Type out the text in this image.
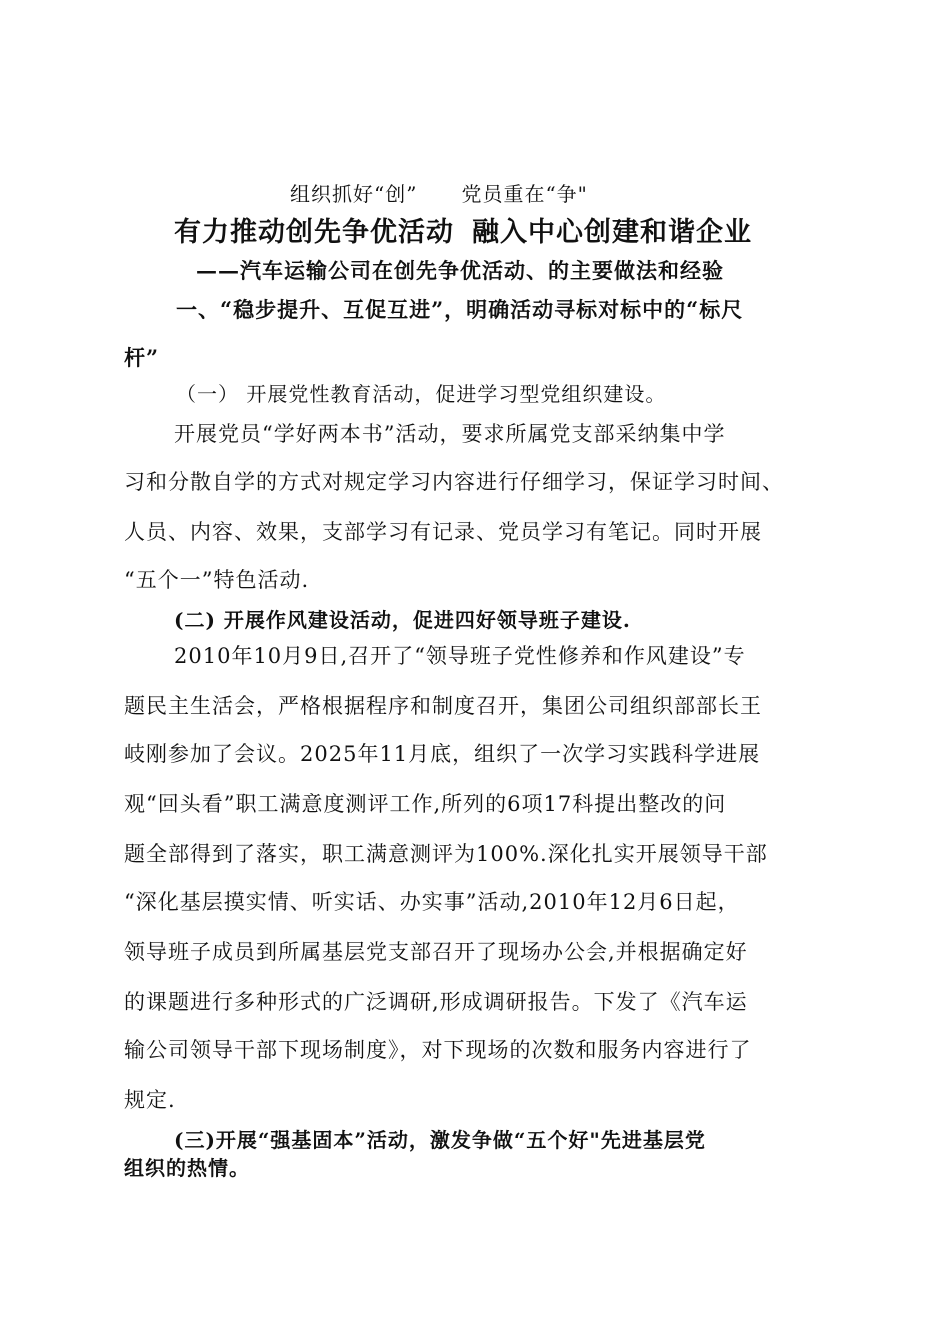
组织抓好“创” 党员重在“争"
有力推动创先争优活动 融入中心创建和谐企业
——汽车运输公司在创先争优活动、的主要做法和经验
一、“稳步提升、互促互进”，明确活动寻标对标中的“标尺
杆”
（一） 开展党性教育活动，促进学习型党组织建设。
开展党员“学好两本书”活动，要求所属党支部采纳集中学
习和分散自学的方式对规定学习内容进行仔细学习，保证学习时间、
人员、内容、效果，支部学习有记录、党员学习有笔记。同时开展
“五个一”特色活动.
(二) 开展作风建设活动，促进四好领导班子建设.
2010年10月9日,召开了“领导班子党性修养和作风建设”专
题民主生活会，严格根据程序和制度召开，集团公司组织部部长王
岐刚参加了会议。2025年11月底，组织了一次学习实践科学进展
观“回头看”职工满意度测评工作,所列的6项17科提出整改的问
题全部得到了落实，职工满意测评为100%.深化扎实开展领导干部
“深化基层摸实情、听实话、办实事”活动,2010年12月6日起，
领导班子成员到所属基层党支部召开了现场办公会,并根据确定好
的课题进行多种形式的广泛调研,形成调研报告。下发了《汽车运
输公司领导干部下现场制度》，对下现场的次数和服务内容进行了
规定.
(三)开展“强基固本”活动，激发争做“五个好"先进基层党
组织的热情。
